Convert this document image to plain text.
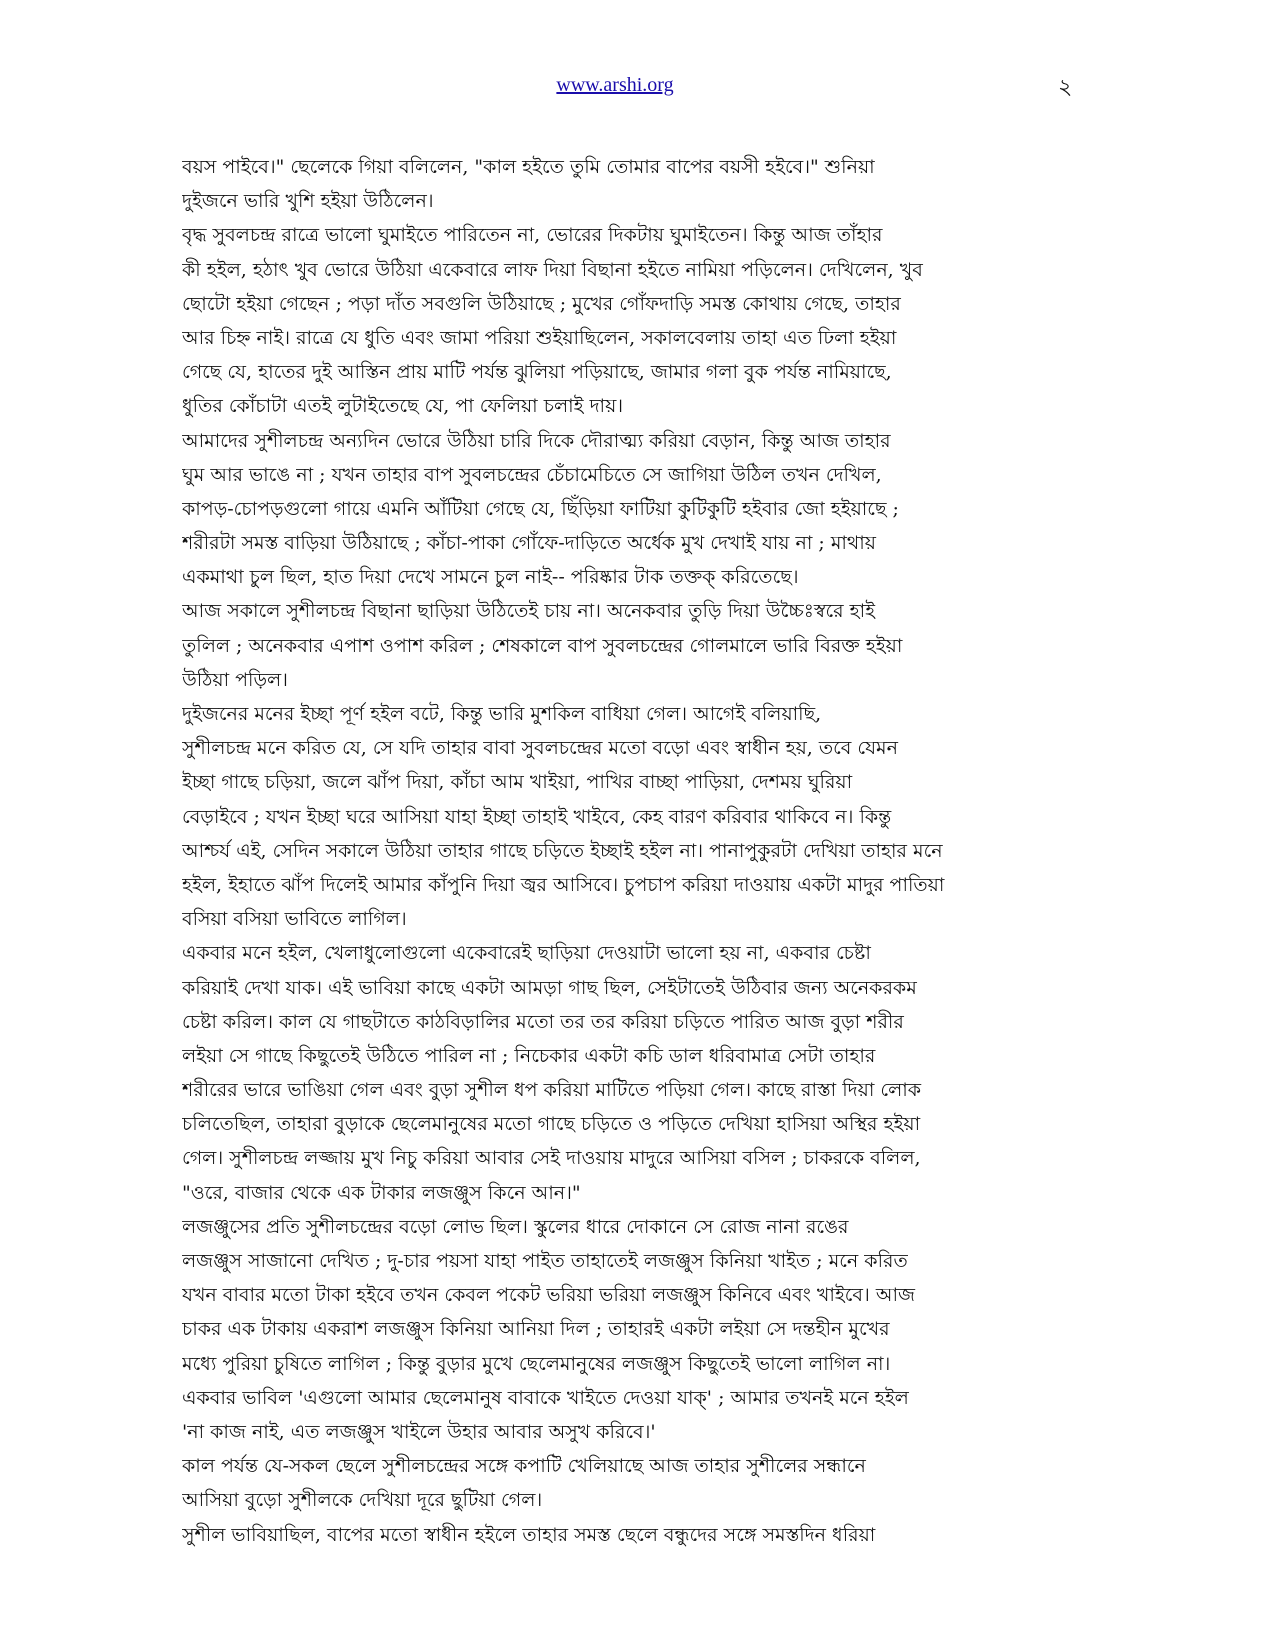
www.arshi.org	২
বয়স পাইবে।" ছেলেকে গিয়া বলিলেন, "কাল হইতে তুমি তোমার বাপের বয়সী হইবে।" শুনিয়া
দুইজনে ভারি খুশি হইয়া উঠিলেন।
বৃদ্ধ সুবলচন্দ্র রাত্রে ভালো ঘুমাইতে পারিতেন না, ভোরের দিকটায় ঘুমাইতেন। কিন্তু আজ তাঁহার
কী হইল, হঠাৎ খুব ভোরে উঠিয়া একেবারে লাফ দিয়া বিছানা হইতে নামিয়া পড়িলেন। দেখিলেন, খুব
ছোটো হইয়া গেছেন ; পড়া দাঁত সবগুলি উঠিয়াছে ; মুখের গোঁফদাড়ি সমস্ত কোথায় গেছে, তাহার
আর চিহ্ন নাই। রাত্রে যে ধুতি এবং জামা পরিয়া শুইয়াছিলেন, সকালবেলায় তাহা এত ঢিলা হইয়া
গেছে যে, হাতের দুই আস্তিন প্রায় মাটি পর্যন্ত ঝুলিয়া পড়িয়াছে, জামার গলা বুক পর্যন্ত নামিয়াছে,
ধুতির কোঁচাটা এতই লুটাইতেছে যে, পা ফেলিয়া চলাই দায়।
আমাদের সুশীলচন্দ্র অন্যদিন ভোরে উঠিয়া চারি দিকে দৌরাত্ম্য করিয়া বেড়ান, কিন্তু আজ তাহার
ঘুম আর ভাঙে না ; যখন তাহার বাপ সুবলচন্দ্রের চেঁচামেচিতে সে জাগিয়া উঠিল তখন দেখিল,
কাপড়-চোপড়গুলো গায়ে এমনি আঁটিয়া গেছে যে, ছিঁড়িয়া ফাটিয়া কুটিকুটি হইবার জো হইয়াছে ;
শরীরটা সমস্ত বাড়িয়া উঠিয়াছে ; কাঁচা-পাকা গোঁফে-দাড়িতে অর্ধেক মুখ দেখাই যায় না ; মাথায়
একমাথা চুল ছিল, হাত দিয়া দেখে সামনে চুল নাই-- পরিষ্কার টাক তক্তক্ করিতেছে।
আজ সকালে সুশীলচন্দ্র বিছানা ছাড়িয়া উঠিতেই চায় না। অনেকবার তুড়ি দিয়া উচ্চৈঃস্বরে হাই
তুলিল ; অনেকবার এপাশ ওপাশ করিল ; শেষকালে বাপ সুবলচন্দ্রের গোলমালে ভারি বিরক্ত হইয়া
উঠিয়া পড়িল।
দুইজনের মনের ইচ্ছা পূর্ণ হইল বটে, কিন্তু ভারি মুশকিল বাধিয়া গেল। আগেই বলিয়াছি,
সুশীলচন্দ্র মনে করিত যে, সে যদি তাহার বাবা সুবলচন্দ্রের মতো বড়ো এবং স্বাধীন হয়, তবে যেমন
ইচ্ছা গাছে চড়িয়া, জলে ঝাঁপ দিয়া, কাঁচা আম খাইয়া, পাখির বাচ্ছা পাড়িয়া, দেশময় ঘুরিয়া
বেড়াইবে ; যখন ইচ্ছা ঘরে আসিয়া যাহা ইচ্ছা তাহাই খাইবে, কেহ বারণ করিবার থাকিবে ন। কিন্তু
আশ্চর্য এই, সেদিন সকালে উঠিয়া তাহার গাছে চড়িতে ইচ্ছাই হইল না। পানাপুকুরটা দেখিয়া তাহার মনে
হইল, ইহাতে ঝাঁপ দিলেই আমার কাঁপুনি দিয়া জ্বর আসিবে। চুপচাপ করিয়া দাওয়ায় একটা মাদুর পাতিয়া
বসিয়া বসিয়া ভাবিতে লাগিল।
একবার মনে হইল, খেলাধুলোগুলো একেবারেই ছাড়িয়া দেওয়াটা ভালো হয় না, একবার চেষ্টা
করিয়াই দেখা যাক। এই ভাবিয়া কাছে একটা আমড়া গাছ ছিল, সেইটাতেই উঠিবার জন্য অনেকরকম
চেষ্টা করিল। কাল যে গাছটাতে কাঠবিড়ালির মতো তর তর করিয়া চড়িতে পারিত আজ বুড়া শরীর
লইয়া সে গাছে কিছুতেই উঠিতে পারিল না ; নিচেকার একটা কচি ডাল ধরিবামাত্র সেটা তাহার
শরীরের ভারে ভাঙিয়া গেল এবং বুড়া সুশীল ধপ করিয়া মাটিতে পড়িয়া গেল। কাছে রাস্তা দিয়া লোক
চলিতেছিল, তাহারা বুড়াকে ছেলেমানুষের মতো গাছে চড়িতে ও পড়িতে দেখিয়া হাসিয়া অস্থির হইয়া
গেল। সুশীলচন্দ্র লজ্জায় মুখ নিচু করিয়া আবার সেই দাওয়ায় মাদুরে আসিয়া বসিল ; চাকরকে বলিল,
"ওরে, বাজার থেকে এক টাকার লজঞ্জুস কিনে আন।"
লজঞ্জুসের প্রতি সুশীলচন্দ্রের বড়ো লোভ ছিল। স্কুলের ধারে দোকানে সে রোজ নানা রঙের
লজঞ্জুস সাজানো দেখিত ; দু-চার পয়সা যাহা পাইত তাহাতেই লজঞ্জুস কিনিয়া খাইত ; মনে করিত
যখন বাবার মতো টাকা হইবে তখন কেবল পকেট ভরিয়া ভরিয়া লজঞ্জুস কিনিবে এবং খাইবে। আজ
চাকর এক টাকায় একরাশ লজঞ্জুস কিনিয়া আনিয়া দিল ; তাহারই একটা লইয়া সে দন্তহীন মুখের
মধ্যে পুরিয়া চুষিতে লাগিল ; কিন্তু বুড়ার মুখে ছেলেমানুষের লজঞ্জুস কিছুতেই ভালো লাগিল না।
একবার ভাবিল 'এগুলো আমার ছেলেমানুষ বাবাকে খাইতে দেওয়া যাক্' ; আমার তখনই মনে হইল
'না কাজ নাই, এত লজঞ্জুস খাইলে উহার আবার অসুখ করিবে।'
কাল পর্যন্ত যে-সকল ছেলে সুশীলচন্দ্রের সঙ্গে কপাটি খেলিয়াছে আজ তাহার সুশীলের সন্ধানে
আসিয়া বুড়ো সুশীলকে দেখিয়া দূরে ছুটিয়া গেল।
সুশীল ভাবিয়াছিল, বাপের মতো স্বাধীন হইলে তাহার সমস্ত ছেলে বন্ধুদের সঙ্গে সমস্তদিন ধরিয়া
